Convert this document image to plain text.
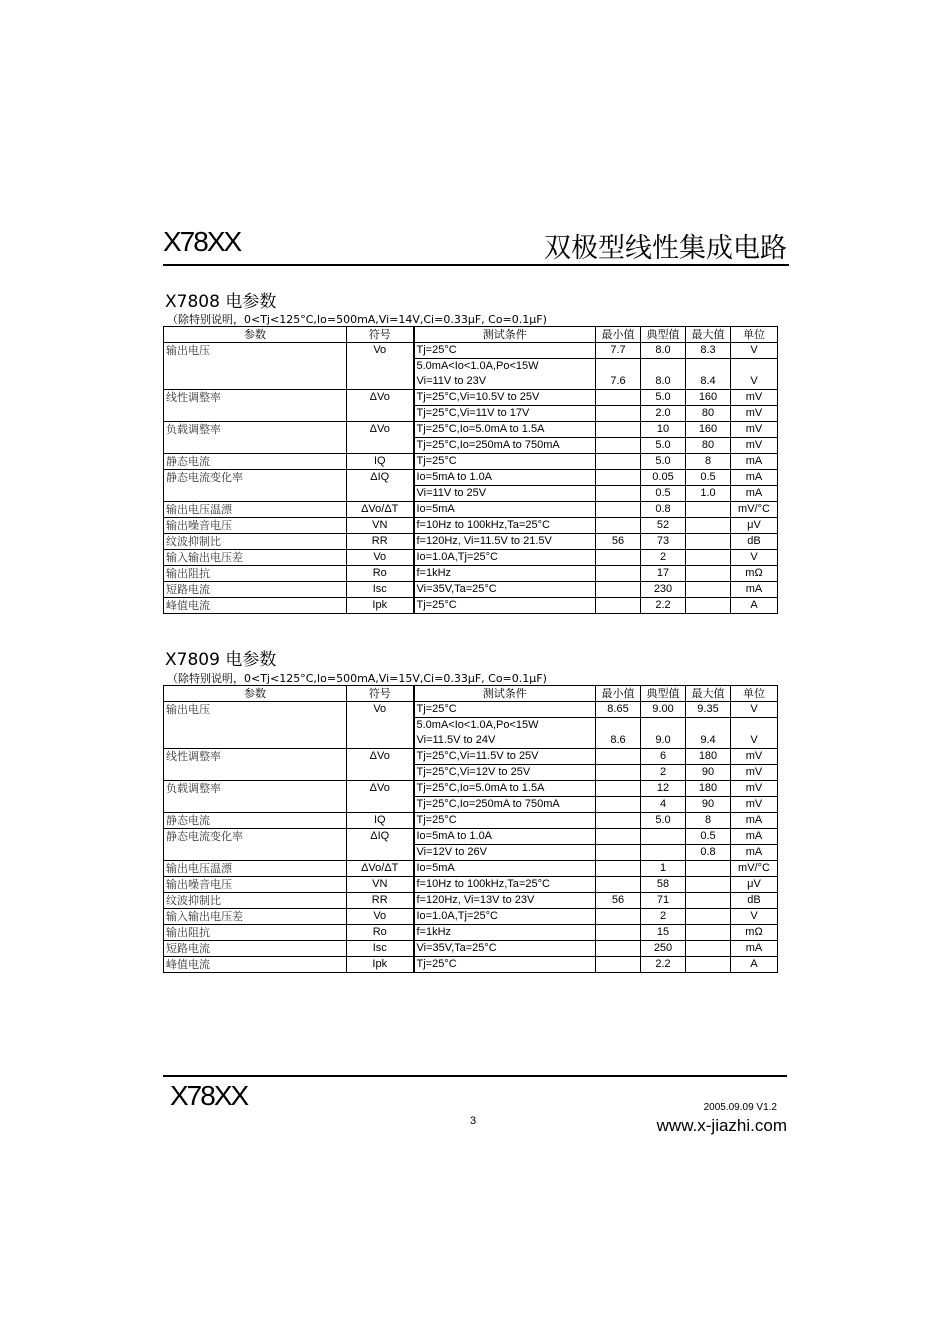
X78XX	双极型线性集成电路
X7808 电参数
（除特别说明，0<Tj<125°C,Io=500mA,Vi=14V,Ci=0.33μF, Co=0.1μF)
参数	符号	测试条件	最小值	典型值	最大值	单位
输出电压	Vo	Tj=25°C	7.7	8.0	8.3	V
		5.0mA<Io<1.0A,Po<15W
Vi=11V to 23V	7.6	8.0	8.4	V
线性调整率	ΔVo	Tj=25°C,Vi=10.5V to 25V		5.0	160	mV
		Tj=25°C,Vi=11V to 17V		2.0	80	mV
负载调整率	ΔVo	Tj=25°C,Io=5.0mA to 1.5A		10	160	mV
		Tj=25°C,Io=250mA to 750mA		5.0	80	mV
静态电流	IQ	Tj=25°C		5.0	8	mA
静态电流变化率	ΔIQ	Io=5mA to 1.0A		0.05	0.5	mA
		Vi=11V to 25V		0.5	1.0	mA
输出电压温漂	ΔVo/ΔT	Io=5mA		0.8		mV/°C
输出噪音电压	VN	f=10Hz to 100kHz,Ta=25°C		52		μV
纹波抑制比	RR	f=120Hz, Vi=11.5V to 21.5V	56	73		dB
输入输出电压差	Vo	Io=1.0A,Tj=25°C		2		V
输出阻抗	Ro	f=1kHz		17		mΩ
短路电流	Isc	Vi=35V,Ta=25°C		230		mA
峰值电流	Ipk	Tj=25°C		2.2		A
X7809 电参数
（除特别说明，0<Tj<125°C,Io=500mA,Vi=15V,Ci=0.33μF, Co=0.1μF)
参数	符号	测试条件	最小值	典型值	最大值	单位
输出电压	Vo	Tj=25°C	8.65	9.00	9.35	V
		5.0mA<Io<1.0A,Po<15W
Vi=11.5V to 24V	8.6	9.0	9.4	V
线性调整率	ΔVo	Tj=25°C,Vi=11.5V to 25V		6	180	mV
		Tj=25°C,Vi=12V to 25V		2	90	mV
负载调整率	ΔVo	Tj=25°C,Io=5.0mA to 1.5A		12	180	mV
		Tj=25°C,Io=250mA to 750mA		4	90	mV
静态电流	IQ	Tj=25°C		5.0	8	mA
静态电流变化率	ΔIQ	Io=5mA to 1.0A			0.5	mA
		Vi=12V to 26V			0.8	mA
输出电压温漂	ΔVo/ΔT	Io=5mA		1		mV/°C
输出噪音电压	VN	f=10Hz to 100kHz,Ta=25°C		58		μV
纹波抑制比	RR	f=120Hz, Vi=13V to 23V	56	71		dB
输入输出电压差	Vo	Io=1.0A,Tj=25°C		2		V
输出阻抗	Ro	f=1kHz		15		mΩ
短路电流	Isc	Vi=35V,Ta=25°C		250		mA
峰值电流	Ipk	Tj=25°C		2.2		A
X78XX
3
2005.09.09 V1.2
www.x-jiazhi.com
